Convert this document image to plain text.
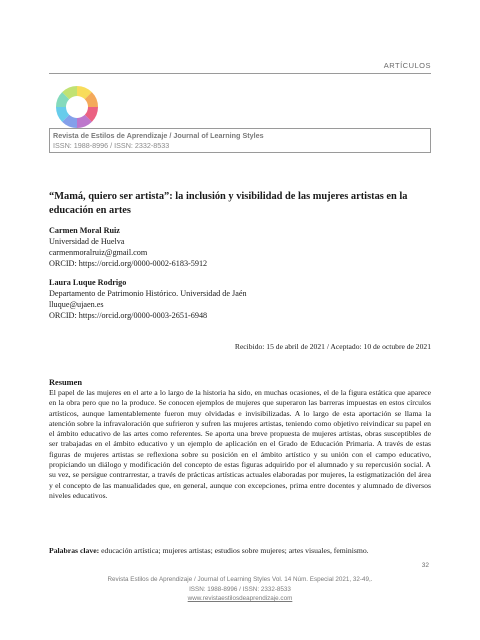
ARTÍCULOS
Revista de Estilos de Aprendizaje / Journal of Learning Styles
ISSN: 1988-8996 / ISSN: 2332-8533
“Mamá, quiero ser artista”: la inclusión y visibilidad de las mujeres artistas en la educación en artes
Carmen Moral Ruiz
Universidad de Huelva
carmenmoralruiz@gmail.com
ORCID: https://orcid.org/0000-0002-6183-5912
Laura Luque Rodrigo
Departamento de Patrimonio Histórico. Universidad de Jaén
lluque@ujaen.es
ORCID: https://orcid.org/0000-0003-2651-6948
Recibido: 15 de abril de 2021 / Aceptado: 10 de octubre de 2021
Resumen

El papel de las mujeres en el arte a lo largo de la historia ha sido, en muchas ocasiones, el de la figura estática que aparece en la obra pero que no la produce. Se conocen ejemplos de mujeres que superaron las barreras impuestas en estos círculos artísticos, aunque lamentablemente fueron muy olvidadas e invisibilizadas. A lo largo de esta aportación se llama la atención sobre la infravaloración que sufrieron y sufren las mujeres artistas, teniendo como objetivo reivindicar su papel en el ámbito educativo de las artes como referentes. Se aporta una breve propuesta de mujeres artistas, obras susceptibles de ser trabajadas en el ámbito educativo y un ejemplo de aplicación en el Grado de Educación Primaria. A través de estas figuras de mujeres artistas se reflexiona sobre su posición en el ámbito artístico y su unión con el campo educativo, propiciando un diálogo y modificación del concepto de estas figuras adquirido por el alumnado y su repercusión social. A su vez, se persigue contrarrestar, a través de prácticas artísticas actuales elaboradas por mujeres, la estigmatización del área y el concepto de las manualidades que, en general, aunque con excepciones, prima entre docentes y alumnado de diversos niveles educativos.

Palabras clave: educación artística; mujeres artistas; estudios sobre mujeres; artes visuales, feminismo.
32
Revista Estilos de Aprendizaje / Journal of Learning Styles Vol. 14 Núm. Especial 2021, 32-49,.
ISSN: 1988-8996 / ISSN: 2332-8533
www.revistaestilosdeaprendizaje.com
